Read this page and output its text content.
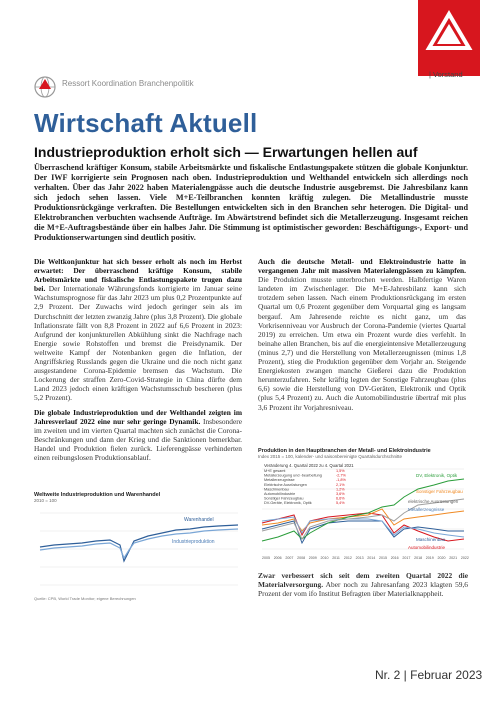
| Vorstand
Ressort Koordination Branchenpolitik
Wirtschaft Aktuell
Industrieproduktion erholt sich — Erwartungen hellen auf
Überraschend kräftiger Konsum, stabile Arbeitsmärkte und fiskalische Entlastungspakete stützen die globale Konjunktur. Der IWF korrigierte sein Prognosen nach oben. Industrieproduktion und Welthandel entwickeln sich allerdings noch verhalten. Über das Jahr 2022 haben Materialengpässe auch die deutsche Industrie ausgebremst. Die Jahresbilanz kann sich jedoch sehen lassen. Viele M+E-Teilbranchen konnten kräftig zulegen. Die Metallindustrie musste Produktionsrückgänge verkraften. Die Bestellungen entwickelten sich in den Branchen sehr heterogen. Die Digital- und Elektrobranchen verbuchten wachsende Aufträge. Im Abwärtstrend befindet sich die Metallerzeugung. Insgesamt reichen die M+E-Auftragsbestände über ein halbes Jahr. Die Stimmung ist optimistischer geworden: Beschäftigungs-, Export- und Produktionserwartungen sind deutlich positiv.

Die Weltkonjunktur hat sich besser erholt als noch im Herbst erwartet: Der überraschend kräftige Konsum, stabile Arbeitsmärkte und fiskalische Entlastungspakete trugen dazu bei. Der Internationale Währungsfonds korrigierte im Januar seine Wachstumsprognose für das Jahr 2023 um plus 0,2 Prozentpunkte auf 2,9 Prozent. Der Zuwachs wird jedoch geringer sein als im Durchschnitt der letzten zwanzig Jahre (plus 3,8 Prozent). Die globale Inflationsrate fällt von 8,8 Prozent in 2022 auf 6,6 Prozent in 2023: Aufgrund der konjunkturellen Abkühlung sinkt die Nachfrage nach Energie sowie Rohstoffen und bremst die Preisdynamik. Der weltweite Kampf der Notenbanken gegen die Inflation, der Angriffskrieg Russlands gegen die Ukraine und die noch nicht ganz ausgestandene Corona-Epidemie bremsen das Wachstum. Die Lockerung der straffen Zero-Covid-Strategie in China dürfte dem Land 2023 jedoch einen kräftigen Wachstumsschub bescheren (plus 5,2 Prozent).

Die globale Industrieproduktion und der Welthandel zeigten im Jahresverlauf 2022 eine nur sehr geringe Dynamik. Insbesondere im zweiten und im vierten Quartal machten sich zunächst die Corona-Beschränkungen und dann der Krieg und die Sanktionen bemerkbar. Handel und Produktion fielen zurück. Lieferengpässe verhinderten einen reibungslosen Produktionsablauf.

Auch die deutsche Metall- und Elektroindustrie hatte in vergangenen Jahr mit massiven Materialengpässen zu kämpfen. Die Produktion musste unterbrochen werden. Halbfertige Waren landeten im Zwischenlager. Die M+E-Jahresbilanz kann sich trotzdem sehen lassen. Nach einem Produktionsrückgang im ersten Quartal um 0,6 Prozent gegenüber dem Vorquartal ging es langsam bergauf. Am Jahresende reichte es nicht ganz, um das Vorkrisenniveau vor Ausbruch der Corona-Pandemie (viertes Quartal 2019) zu erreichen. Um etwa ein Prozent wurde dies verfehlt. In beinahe allen Branchen, bis auf die energieintensive Metallerzeugung (minus 2,7) und die Herstellung von Metallerzeugnissen (minus 1,8 Prozent), stieg die Produktion gegenüber dem Vorjahr an. Steigende Energiekosten zwangen manche Gießerei dazu die Produktion herunterzufahren. Sehr kräftig legten der Sonstige Fahrzeugbau (plus 6,6) sowie die Herstellung von DV-Geräten, Elektronik und Optik (plus 5,4 Prozent) zu. Auch die Automobilindustrie übertraf mit plus 3,6 Prozent ihr Vorjahresniveau.

Weltweite Industrieproduktion und Warenhandel
2010 = 100
Warenhandel
Industrieproduktion
Quelle: CPB, World Trade Monitor; eigene Berechnungen
Produktion in den Hauptbranchen der Metall- und Elektroindustrie
Index 2015 = 100, kalender- und saisonbereinigte Quartalsdurchschnitte
Veränderung 4. Quartal 2022 zu 4. Quartal 2021
M+E gesamt	1,5%
Metallerzeugung und -bearbeitung	-2,7%
Metallerzeugnisse	-1,8%
Elektrische Ausrüstungen	2,1%
Maschinenbau	1,2%
Automobilindustrie	3,6%
Sonstiger Fahrzeugbau	6,6%
DV-Geräte, Elektronik, Optik	5,4%
DV, Elektronik, Optik
Sonstiger Fahrzeugbau
elektrische Ausrüstungen
Metallerzeugnisse
Maschinenbau
Automobilindustrie
2005 2006 2007 2008 2009 2010 2011 2012 2013 2014 2015 2016 2017 2018 2019 2020 2021 2022
Zwar verbessert sich seit dem zweiten Quartal 2022 die Materialversorgung. Aber noch zu Jahresanfang 2023 klagten 59,6 Prozent der vom ifo Institut Befragten über Materialknappheit.
Nr. 2 | Februar 2023
